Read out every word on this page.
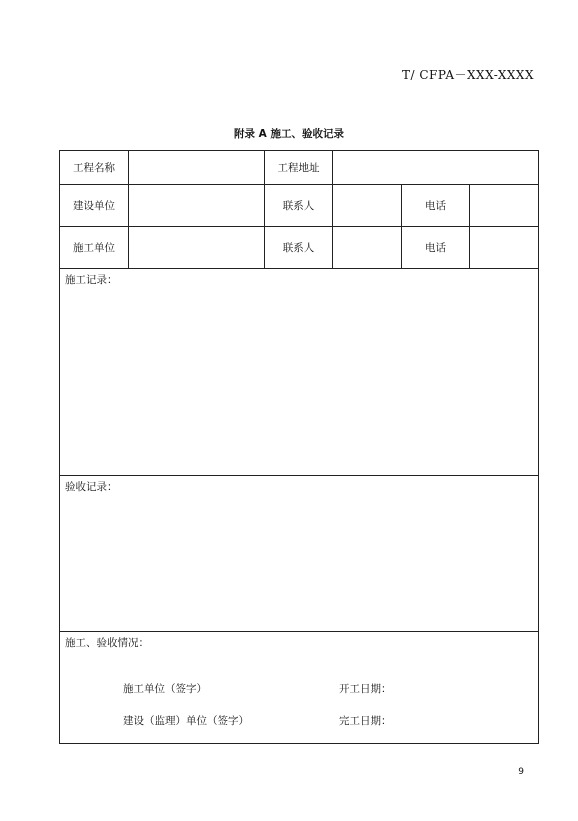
T/ CFPA－XXX-XXXX
附录 A 施工、验收记录
工程名称		工程地址			
建设单位		联系人		电话	
施工单位		联系人		电话	

施工记录：					

验收记录：					

施工、验收情况：
施工单位（签字） 开工日期：
建设（监理）单位（签字） 完工日期：					
9
